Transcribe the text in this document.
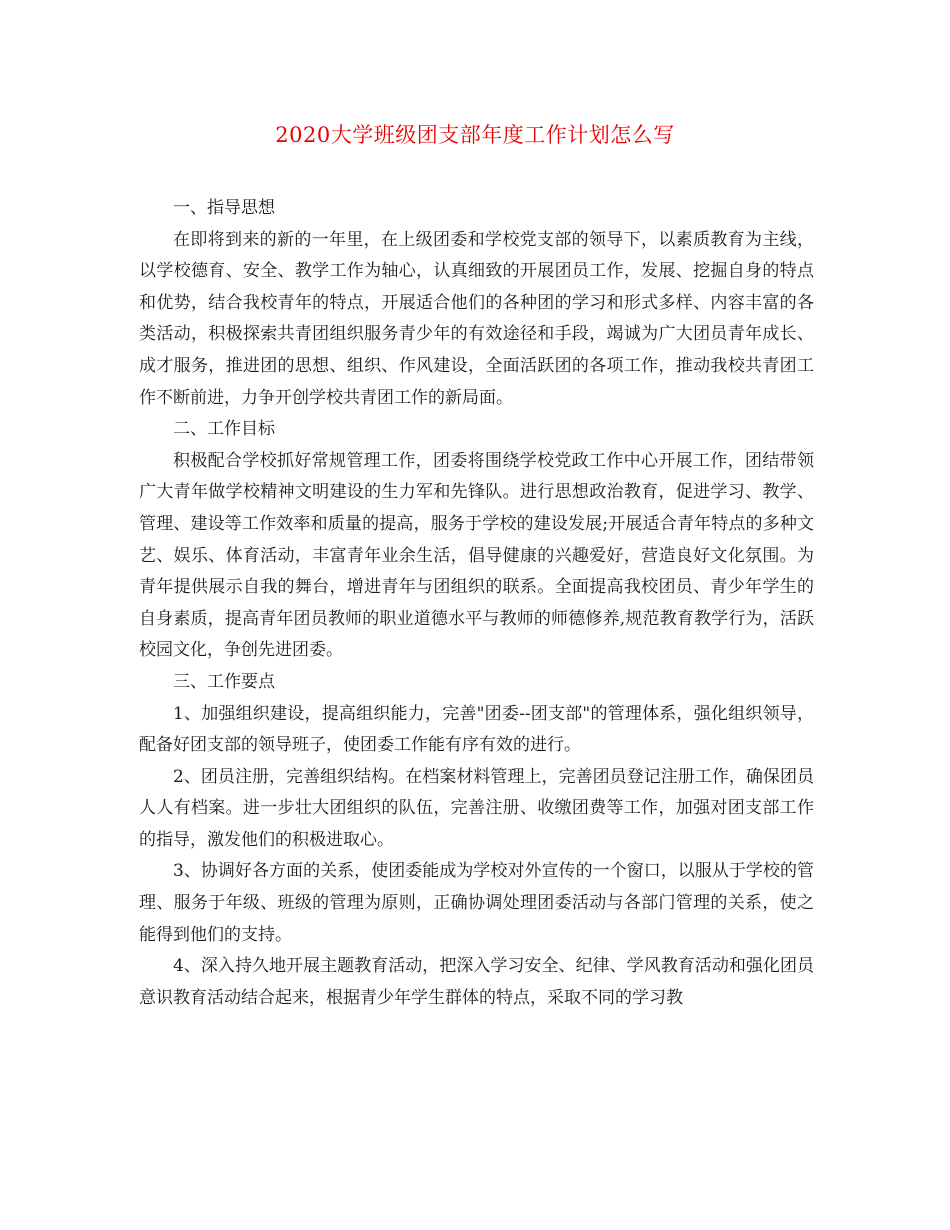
2020大学班级团支部年度工作计划怎么写

一、指导思想

在即将到来的新的一年里，在上级团委和学校党支部的领导下，以素质教育为主线，以学校德育、安全、教学工作为轴心，认真细致的开展团员工作，发展、挖掘自身的特点和优势，结合我校青年的特点，开展适合他们的各种团的学习和形式多样、内容丰富的各类活动，积极探索共青团组织服务青少年的有效途径和手段，竭诚为广大团员青年成长、成才服务，推进团的思想、组织、作风建设，全面活跃团的各项工作，推动我校共青团工作不断前进，力争开创学校共青团工作的新局面。

二、工作目标

积极配合学校抓好常规管理工作，团委将围绕学校党政工作中心开展工作，团结带领广大青年做学校精神文明建设的生力军和先锋队。进行思想政治教育，促进学习、教学、管理、建设等工作效率和质量的提高，服务于学校的建设发展;开展适合青年特点的多种文艺、娱乐、体育活动，丰富青年业余生活，倡导健康的兴趣爱好，营造良好文化氛围。为青年提供展示自我的舞台，增进青年与团组织的联系。全面提高我校团员、青少年学生的自身素质，提高青年团员教师的职业道德水平与教师的师德修养,规范教育教学行为，活跃校园文化，争创先进团委。

三、工作要点

1、加强组织建设，提高组织能力，完善"团委--团支部"的管理体系，强化组织领导，配备好团支部的领导班子，使团委工作能有序有效的进行。

2、团员注册，完善组织结构。在档案材料管理上，完善团员登记注册工作，确保团员人人有档案。进一步壮大团组织的队伍，完善注册、收缴团费等工作，加强对团支部工作的指导，激发他们的积极进取心。

3、协调好各方面的关系，使团委能成为学校对外宣传的一个窗口，以服从于学校的管理、服务于年级、班级的管理为原则，正确协调处理团委活动与各部门管理的关系，使之能得到他们的支持。

4、深入持久地开展主题教育活动，把深入学习安全、纪律、学风教育活动和强化团员意识教育活动结合起来，根据青少年学生群体的特点，采取不同的学习教
